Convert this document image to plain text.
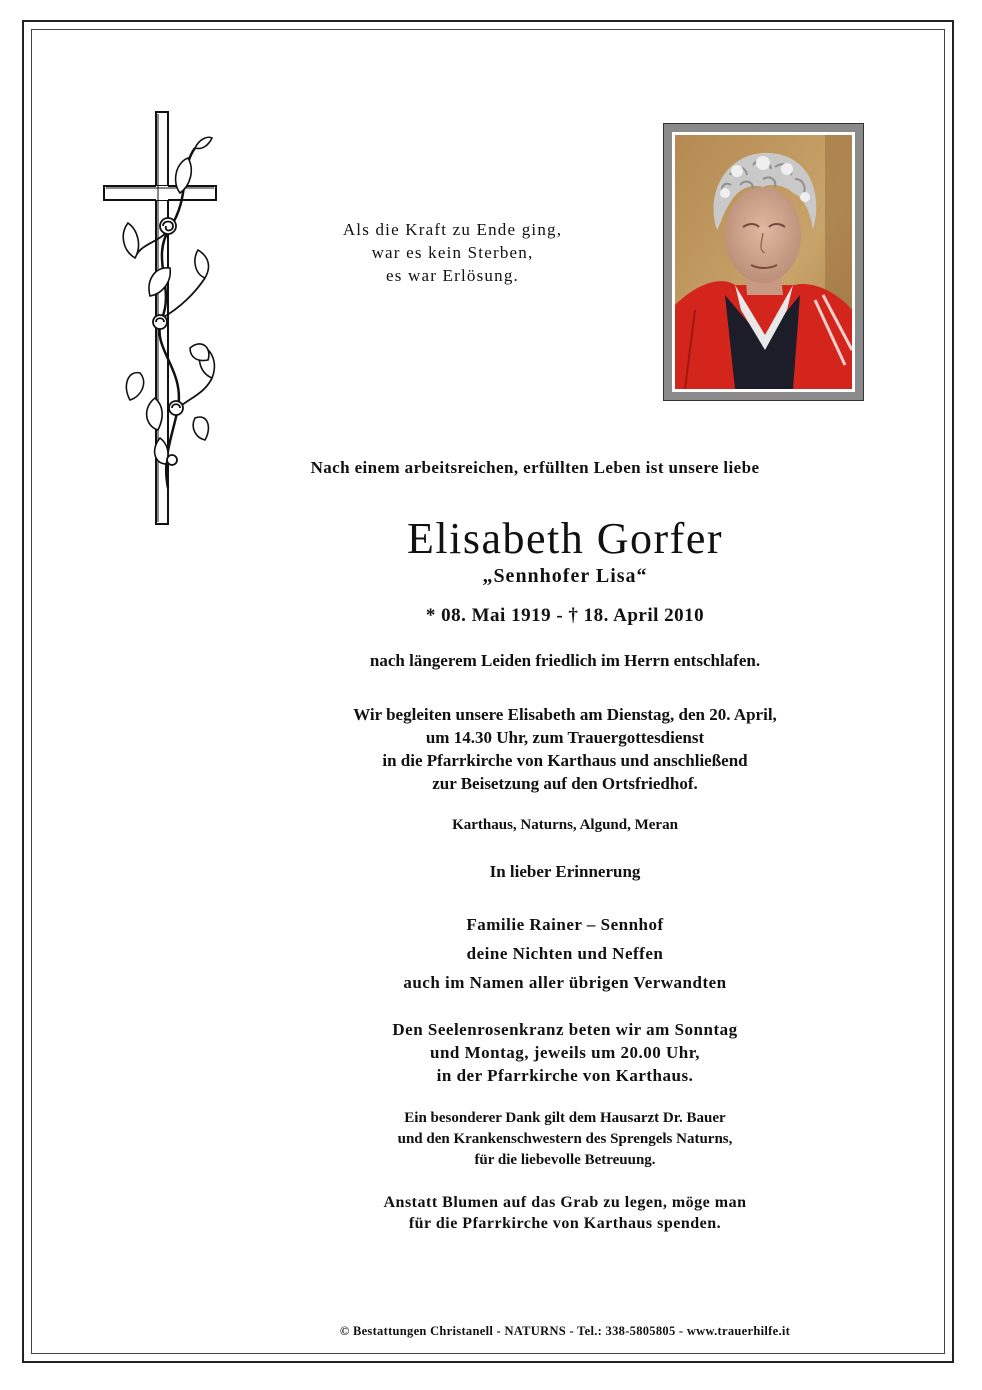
Als die Kraft zu Ende ging,
war es kein Sterben,
es war Erlösung.
Nach einem arbeitsreichen, erfüllten Leben ist unsere liebe
Elisabeth Gorfer
„Sennhofer Lisa“
* 08. Mai 1919 - † 18. April 2010
nach längerem Leiden friedlich im Herrn entschlafen.
Wir begleiten unsere Elisabeth am Dienstag, den 20. April,
um 14.30 Uhr, zum Trauergottesdienst
in die Pfarrkirche von Karthaus und anschließend
zur Beisetzung auf den Ortsfriedhof.
Karthaus, Naturns, Algund, Meran
In lieber Erinnerung
Familie Rainer – Sennhof
deine Nichten und Neffen
auch im Namen aller übrigen Verwandten
Den Seelenrosenkranz beten wir am Sonntag
und Montag, jeweils um 20.00 Uhr,
in der Pfarrkirche von Karthaus.
Ein besonderer Dank gilt dem Hausarzt Dr. Bauer
und den Krankenschwestern des Sprengels Naturns,
für die liebevolle Betreuung.
Anstatt Blumen auf das Grab zu legen, möge man
für die Pfarrkirche von Karthaus spenden.
© Bestattungen Christanell - NATURNS - Tel.: 338-5805805 - www.trauerhilfe.it
